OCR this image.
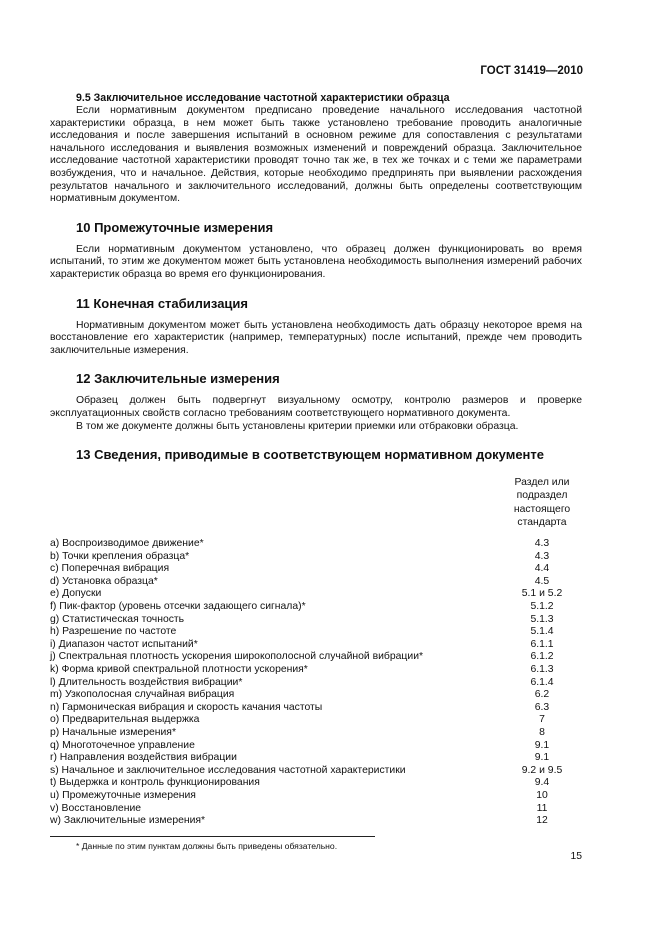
ГОСТ 31419—2010
9.5 Заключительное исследование частотной характеристики образца

Если нормативным документом предписано проведение начального исследования частотной характеристики образца, в нем может быть также установлено требование проводить аналогичные исследования и после завершения испытаний в основном режиме для сопоставления с результатами начального исследования и выявления возможных изменений и повреждений образца. Заключительное исследование частотной характеристики проводят точно так же, в тех же точках и с теми же параметрами возбуждения, что и начальное. Действия, которые необходимо предпринять при выявлении расхождения результатов начального и заключительного исследований, должны быть определены соответствующим нормативным документом.

10 Промежуточные измерения

Если нормативным документом установлено, что образец должен функционировать во время испытаний, то этим же документом может быть установлена необходимость выполнения измерений рабочих характеристик образца во время его функционирования.

11 Конечная стабилизация

Нормативным документом может быть установлена необходимость дать образцу некоторое время на восстановление его характеристик (например, температурных) после испытаний, прежде чем проводить заключительные измерения.

12 Заключительные измерения

Образец должен быть подвергнут визуальному осмотру, контролю размеров и проверке эксплуатационных свойств согласно требованиям соответствующего нормативного документа.

В том же документе должны быть установлены критерии приемки или отбраковки образца.

13 Сведения, приводимые в соответствующем нормативном документе
Раздел или
подраздел
настоящего
стандарта
a) Воспроизводимое движение*	4.3
b) Точки крепления образца*	4.3
c) Поперечная вибрация	4.4
d) Установка образца*	4.5
e) Допуски	5.1 и 5.2
f) Пик-фактор (уровень отсечки задающего сигнала)*	5.1.2
g) Статистическая точность	5.1.3
h) Разрешение по частоте	5.1.4
i) Диапазон частот испытаний*	6.1.1
j) Спектральная плотность ускорения широкополосной случайной вибрации*	6.1.2
k) Форма кривой спектральной плотности ускорения*	6.1.3
l) Длительность воздействия вибрации*	6.1.4
m) Узкополосная случайная вибрация	6.2
n) Гармоническая вибрация и скорость качания частоты	6.3
o) Предварительная выдержка	7
p) Начальные измерения*	8
q) Многоточечное управление	9.1
r) Направления воздействия вибрации	9.1
s) Начальное и заключительное исследования частотной характеристики	9.2 и 9.5
t) Выдержка и контроль функционирования	9.4
u) Промежуточные измерения	10
v) Восстановление	11
w) Заключительные измерения*	12
* Данные по этим пунктам должны быть приведены обязательно.
15
